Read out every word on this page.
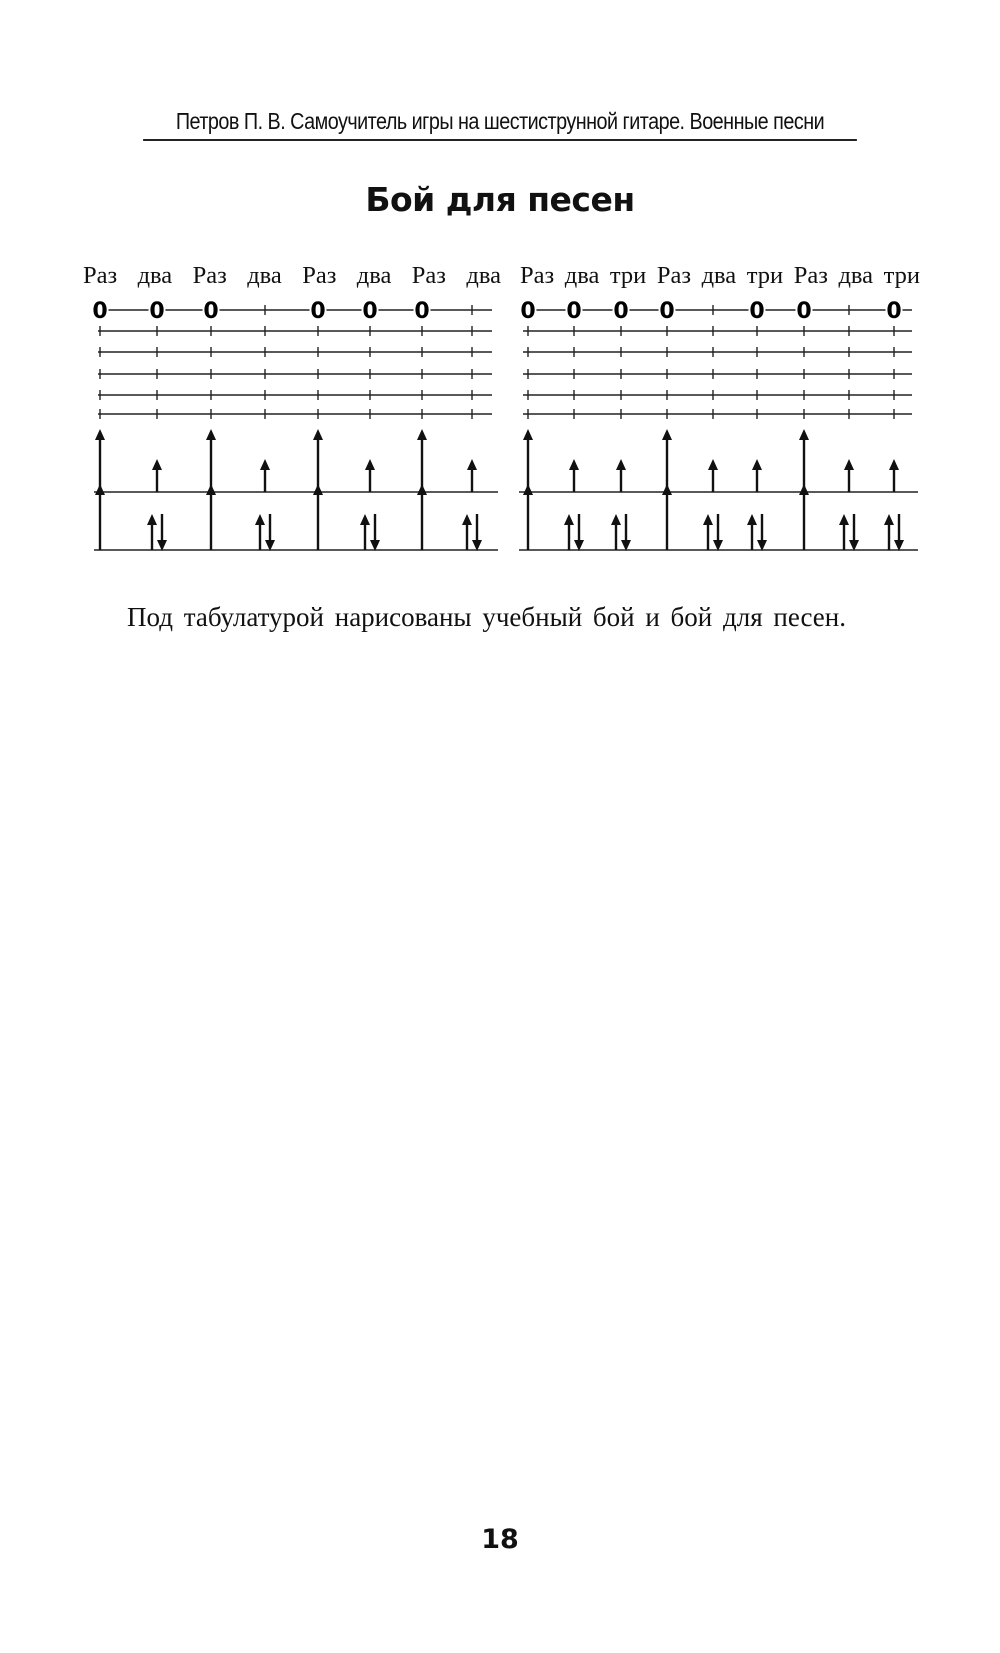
Петров П. В. Самоучитель игры на шестиструнной гитаре. Военные песни
Бой для песен
Раз два Раз два Раз два Раз два Раз два три Раз два три Раз два три
0 0 0	0 0 0	0 0 0 0	0 0	0
Под табулатурой нарисованы учебный бой и бой для песен.
18
